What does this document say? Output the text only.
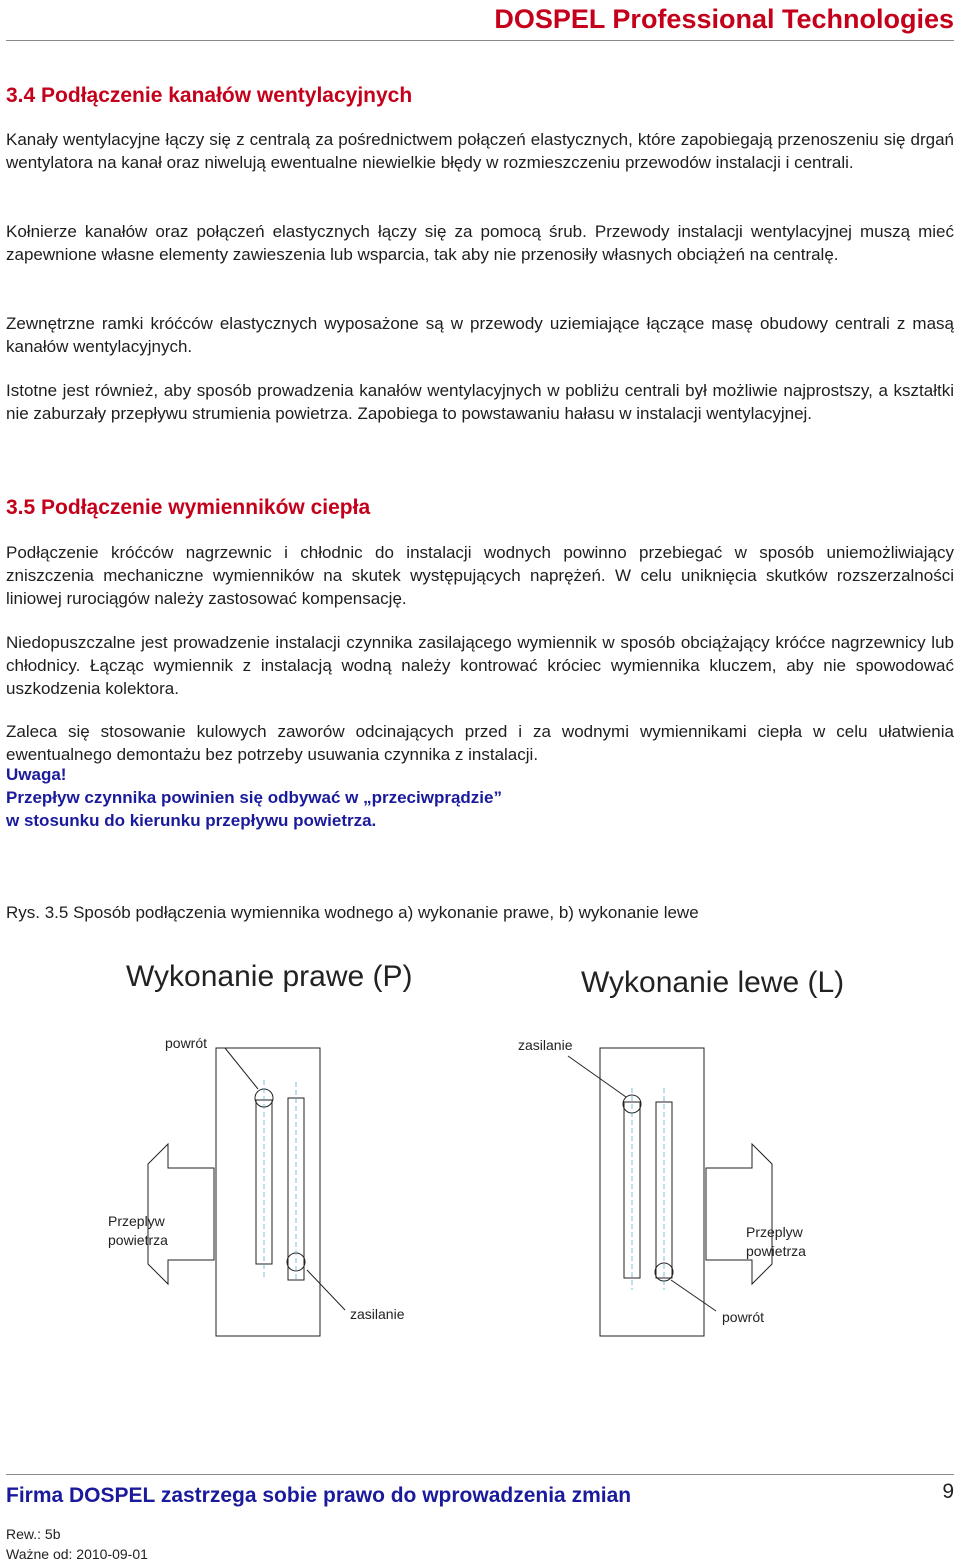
DOSPEL Professional Technologies
3.4 Podłączenie kanałów wentylacyjnych
Kanały wentylacyjne łączy się z centralą za pośrednictwem połączeń elastycznych, które zapobiegają przenoszeniu się drgań wentylatora na kanał oraz niwelują ewentualne niewielkie błędy w rozmieszczeniu przewodów instalacji i centrali.
Kołnierze kanałów oraz połączeń elastycznych łączy się za pomocą śrub. Przewody instalacji wentylacyjnej muszą mieć zapewnione własne elementy zawieszenia lub wsparcia, tak aby nie przenosiły własnych obciążeń na centralę.
Zewnętrzne ramki króćców elastycznych wyposażone są w przewody uziemiające łączące masę obudowy centrali z masą kanałów wentylacyjnych.
Istotne jest również, aby sposób prowadzenia kanałów wentylacyjnych w pobliżu centrali był możliwie najprostszy, a kształtki nie zaburzały przepływu strumienia powietrza. Zapobiega to powstawaniu hałasu w instalacji wentylacyjnej.
3.5 Podłączenie wymienników ciepła
Podłączenie króćców nagrzewnic i chłodnic do instalacji wodnych powinno przebiegać w sposób uniemożliwiający zniszczenia mechaniczne wymienników na skutek występujących naprężeń. W celu uniknięcia skutków rozszerzalności liniowej rurociągów należy zastosować kompensację.
Niedopuszczalne jest prowadzenie instalacji czynnika zasilającego wymiennik w sposób obciążający króćce nagrzewnicy lub chłodnicy. Łącząc wymiennik z instalacją wodną należy kontrować króciec wymiennika kluczem, aby nie spowodować uszkodzenia kolektora.
Zaleca się stosowanie kulowych zaworów odcinających przed i za wodnymi wymiennikami ciepła w celu ułatwienia ewentualnego demontażu bez potrzeby usuwania czynnika z instalacji.
Uwaga!
Przepływ czynnika powinien się odbywać w „przeciwprądzie”
w stosunku do kierunku przepływu powietrza.
Rys. 3.5 Sposób podłączenia wymiennika wodnego a) wykonanie prawe, b) wykonanie lewe
Wykonanie prawe (P)	Wykonanie lewe (L)
powrót	zasilanie
zasilanie	powrót
Przeplyw
powietrza	Przeplyw
powietrza
Firma DOSPEL zastrzega sobie prawo do wprowadzenia zmian	9
Rew.: 5b
Ważne od: 2010-09-01
